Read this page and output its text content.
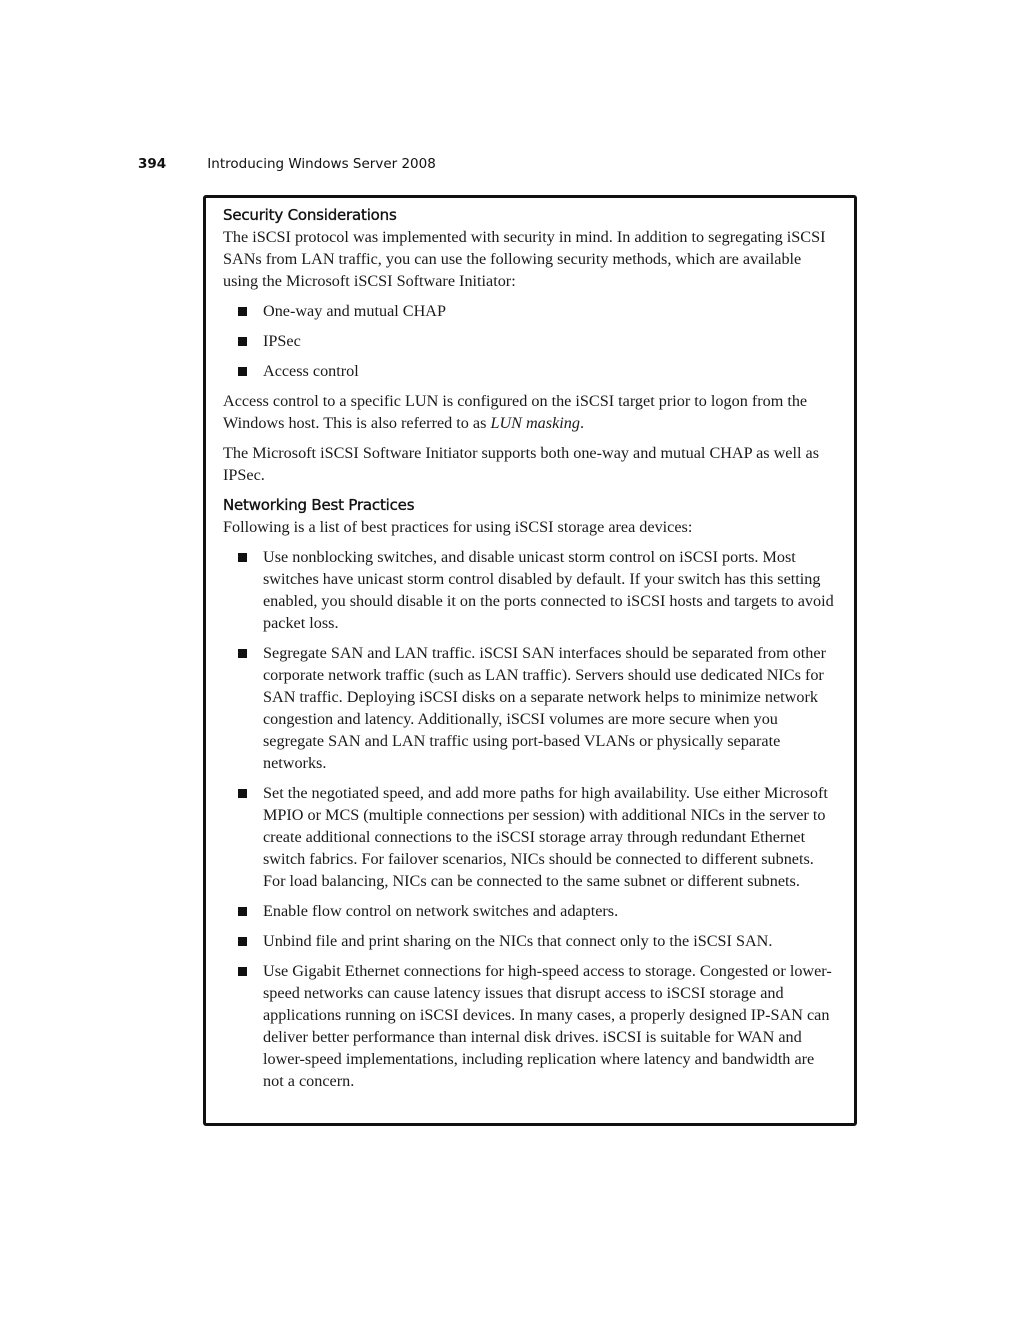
394	Introducing Windows Server 2008
Security Considerations

The iSCSI protocol was implemented with security in mind. In addition to segregating iSCSI SANs from LAN traffic, you can use the following security methods, which are available using the Microsoft iSCSI Software Initiator:

One-way and mutual CHAP
IPSec
Access control

Access control to a specific LUN is configured on the iSCSI target prior to logon from the Windows host. This is also referred to as LUN masking.

The Microsoft iSCSI Software Initiator supports both one-way and mutual CHAP as well as IPSec.

Networking Best Practices

Following is a list of best practices for using iSCSI storage area devices:

Use nonblocking switches, and disable unicast storm control on iSCSI ports. Most switches have unicast storm control disabled by default. If your switch has this setting enabled, you should disable it on the ports connected to iSCSI hosts and targets to avoid packet loss.
Segregate SAN and LAN traffic. iSCSI SAN interfaces should be separated from other corporate network traffic (such as LAN traffic). Servers should use dedicated NICs for SAN traffic. Deploying iSCSI disks on a separate network helps to minimize network congestion and latency. Additionally, iSCSI volumes are more secure when you segregate SAN and LAN traffic using port-based VLANs or physically separate networks.
Set the negotiated speed, and add more paths for high availability. Use either Microsoft MPIO or MCS (multiple connections per session) with additional NICs in the server to create additional connections to the iSCSI storage array through redundant Ethernet switch fabrics. For failover scenarios, NICs should be connected to different subnets. For load balancing, NICs can be connected to the same subnet or different subnets.
Enable flow control on network switches and adapters.
Unbind file and print sharing on the NICs that connect only to the iSCSI SAN.
Use Gigabit Ethernet connections for high-speed access to storage. Congested or lower-speed networks can cause latency issues that disrupt access to iSCSI storage and applications running on iSCSI devices. In many cases, a properly designed IP-SAN can deliver better performance than internal disk drives. iSCSI is suitable for WAN and lower-speed implementations, including replication where latency and bandwidth are not a concern.
